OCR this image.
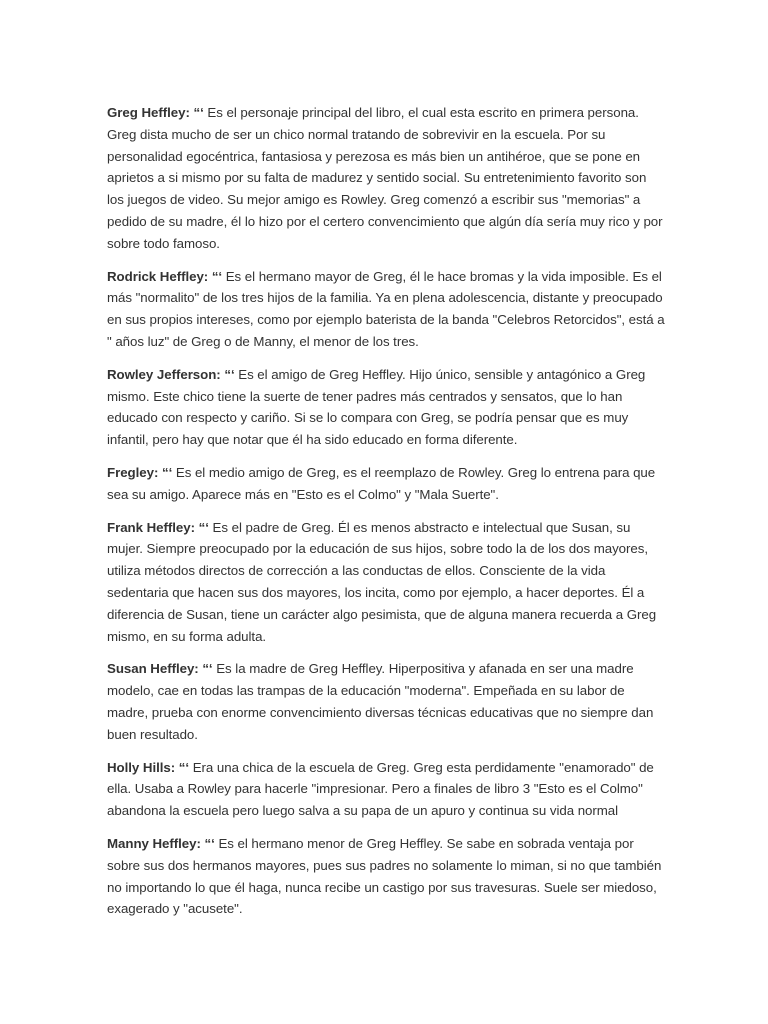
Greg Heffley: “‘ Es el personaje principal del libro, el cual esta escrito en primera persona. Greg dista mucho de ser un chico normal tratando de sobrevivir en la escuela. Por su personalidad egocéntrica, fantasiosa y perezosa es más bien un antihéroe, que se pone en aprietos a si mismo por su falta de madurez y sentido social. Su entretenimiento favorito son los juegos de video. Su mejor amigo es Rowley. Greg comenzó a escribir sus "memorias" a pedido de su madre, él lo hizo por el certero convencimiento que algún día sería muy rico y por sobre todo famoso.

Rodrick Heffley: “‘ Es el hermano mayor de Greg, él le hace bromas y la vida imposible. Es el más "normalito" de los tres hijos de la familia. Ya en plena adolescencia, distante y preocupado en sus propios intereses, como por ejemplo baterista de la banda "Celebros Retorcidos", está a " años luz" de Greg o de Manny, el menor de los tres.

Rowley Jefferson: “‘ Es el amigo de Greg Heffley. Hijo único, sensible y antagónico a Greg mismo. Este chico tiene la suerte de tener padres más centrados y sensatos, que lo han educado con respecto y cariño. Si se lo compara con Greg, se podría pensar que es muy infantil, pero hay que notar que él ha sido educado en forma diferente.

Fregley: “‘ Es el medio amigo de Greg, es el reemplazo de Rowley. Greg lo entrena para que sea su amigo. Aparece más en "Esto es el Colmo" y "Mala Suerte".

Frank Heffley: “‘ Es el padre de Greg. Él es menos abstracto e intelectual que Susan, su mujer. Siempre preocupado por la educación de sus hijos, sobre todo la de los dos mayores, utiliza métodos directos de corrección a las conductas de ellos. Consciente de la vida sedentaria que hacen sus dos mayores, los incita, como por ejemplo, a hacer deportes. Él a diferencia de Susan, tiene un carácter algo pesimista, que de alguna manera recuerda a Greg mismo, en su forma adulta.

Susan Heffley: “‘ Es la madre de Greg Heffley. Hiperpositiva y afanada en ser una madre modelo, cae en todas las trampas de la educación "moderna". Empeñada en su labor de madre, prueba con enorme convencimiento diversas técnicas educativas que no siempre dan buen resultado.

Holly Hills: “‘ Era una chica de la escuela de Greg. Greg esta perdidamente "enamorado" de ella. Usaba a Rowley para hacerle "impresionar. Pero a finales de libro 3 "Esto es el Colmo" abandona la escuela pero luego salva a su papa de un apuro y continua su vida normal

Manny Heffley: “‘ Es el hermano menor de Greg Heffley. Se sabe en sobrada ventaja por sobre sus dos hermanos mayores, pues sus padres no solamente lo miman, si no que también no importando lo que él haga, nunca recibe un castigo por sus travesuras. Suele ser miedoso, exagerado y "acusete".
